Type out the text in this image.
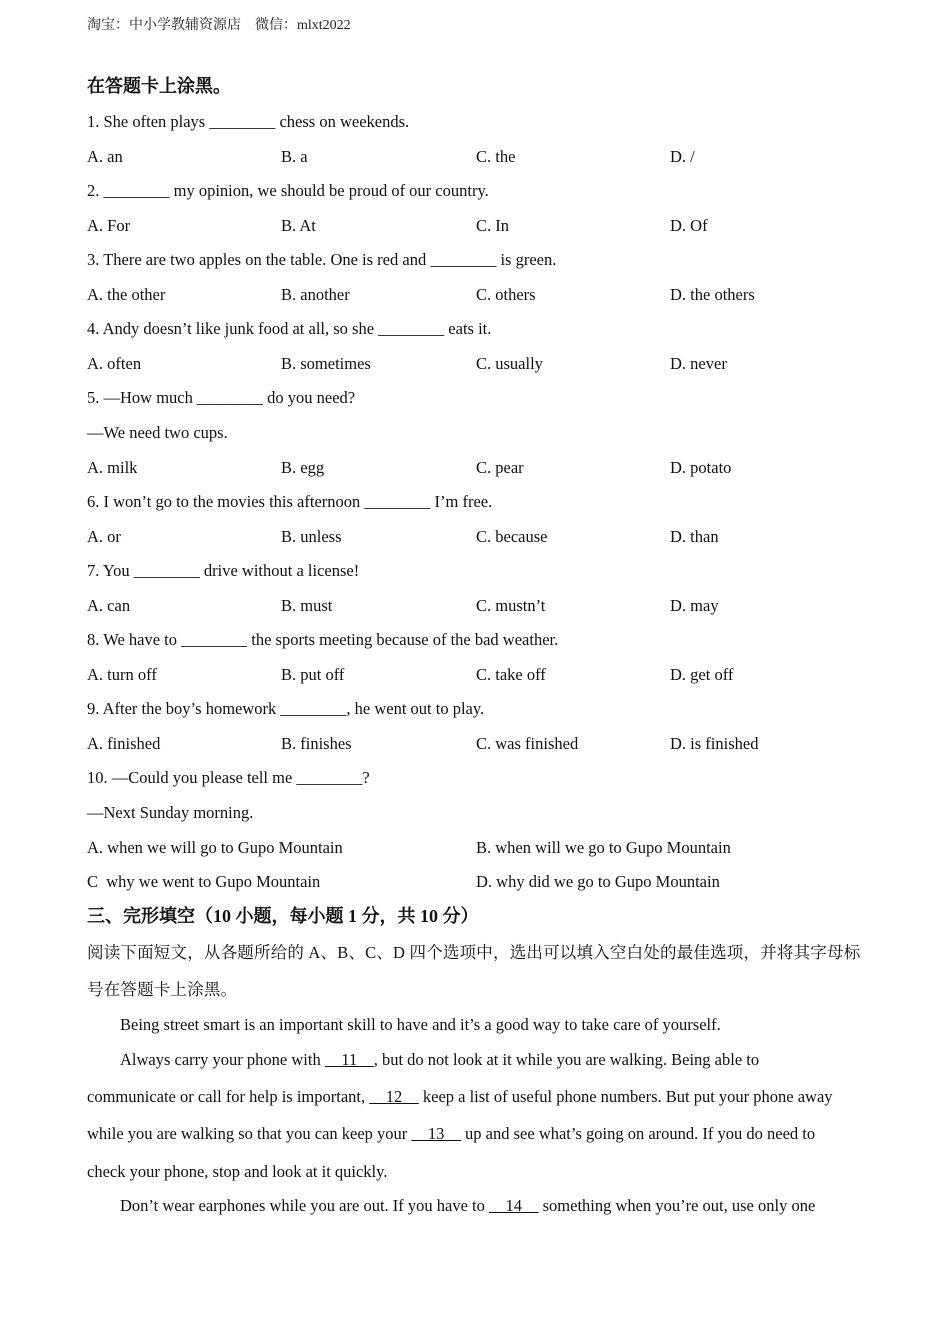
淘宝：中小学教辅资源店    微信：mlxt2022
在答题卡上涂黑。
1. She often plays ________ chess on weekends.
A. an	B. a	C. the	D. /
2. ________ my opinion, we should be proud of our country.
A. For	B. At	C. In	D. Of
3. There are two apples on the table. One is red and ________ is green.
A. the other	B. another	C. others	D. the others
4. Andy doesn’t like junk food at all, so she ________ eats it.
A. often	B. sometimes	C. usually	D. never
5. —How much ________ do you need?
—We need two cups.
A. milk	B. egg	C. pear	D. potato
6. I won’t go to the movies this afternoon ________ I’m free.
A. or	B. unless	C. because	D. than
7. You ________ drive without a license!
A. can	B. must	C. mustn’t	D. may
8. We have to ________ the sports meeting because of the bad weather.
A. turn off	B. put off	C. take off	D. get off
9. After the boy’s homework ________, he went out to play.
A. finished	B. finishes	C. was finished	D. is finished
10. —Could you please tell me ________?
—Next Sunday morning.
A. when we will go to Gupo Mountain	B. when will we go to Gupo Mountain
C  why we went to Gupo Mountain	D. why did we go to Gupo Mountain
三、完形填空（10 小题，每小题 1 分，共 10 分）
阅读下面短文，从各题所给的 A、B、C、D 四个选项中，选出可以填入空白处的最佳选项，并将其字母标
号在答题卡上涂黑。
Being street smart is an important skill to have and it’s a good way to take care of yourself.
Always carry your phone with     11    , but do not look at it while you are walking. Being able to
communicate or call for help is important,     12     keep a list of useful phone numbers. But put your phone away
while you are walking so that you can keep your     13     up and see what’s going on around. If you do need to
check your phone, stop and look at it quickly.
Don’t wear earphones while you are out. If you have to     14     something when you’re out, use only one
